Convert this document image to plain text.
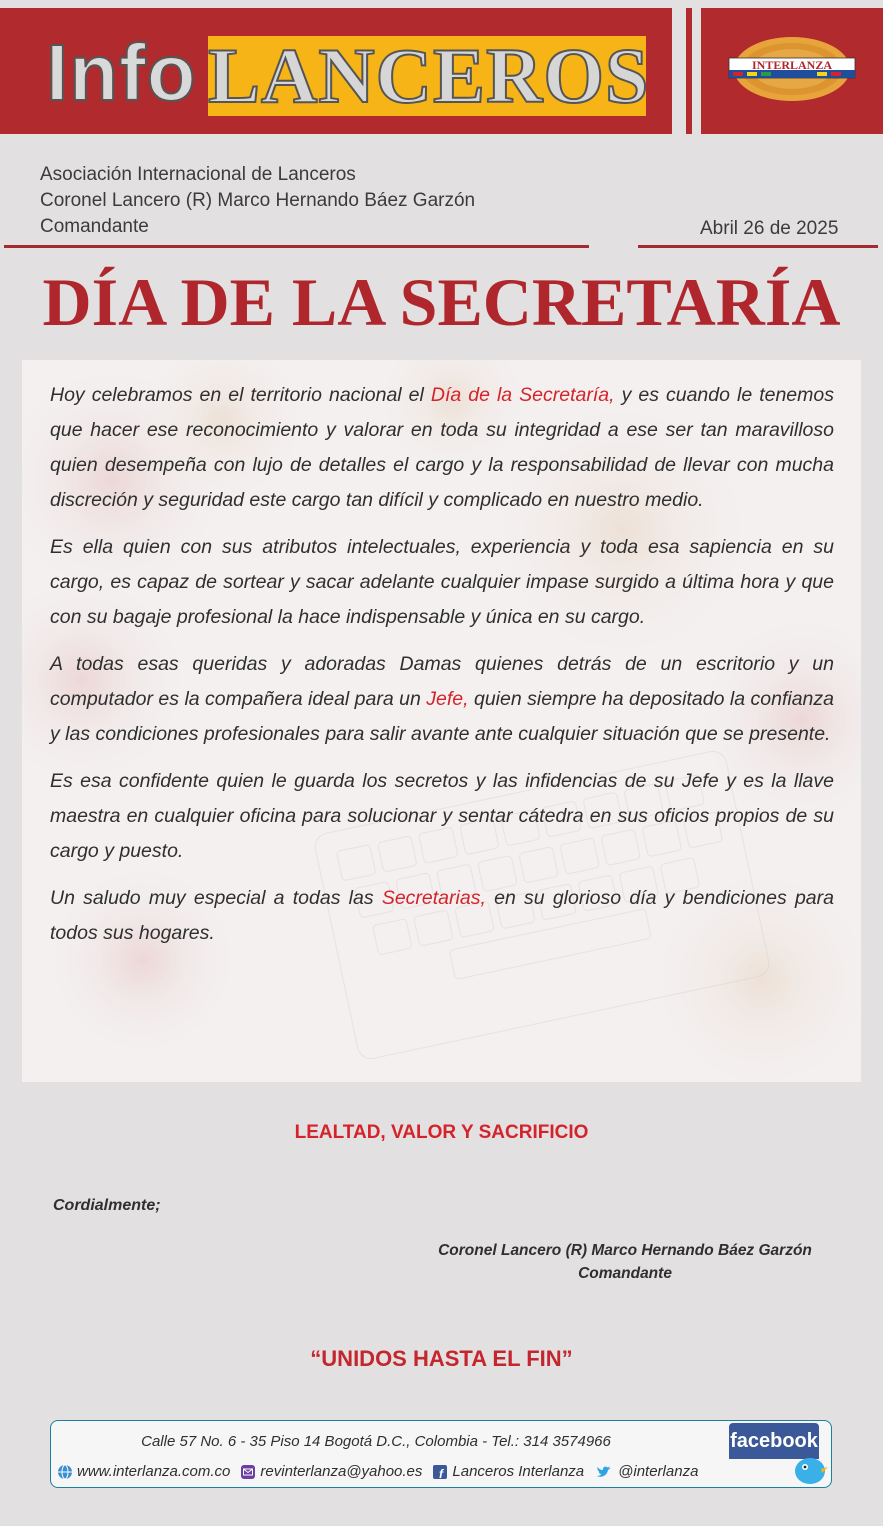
Info LANCEROS	INTERLANZA
Asociación Internacional de Lanceros
Coronel Lancero (R) Marco Hernando Báez Garzón
Comandante	Abril 26 de 2025
DÍA DE LA SECRETARÍA

Hoy celebramos en el territorio nacional el Día de la Secretaría, y es cuando le tenemos que hacer ese reconocimiento y valorar en toda su integridad a ese ser tan maravilloso quien desempeña con lujo de detalles el cargo y la responsabilidad de llevar con mucha discreción y seguridad este cargo tan difícil y complicado en nuestro medio.

Es ella quien con sus atributos intelectuales, experiencia y toda esa sapiencia en su cargo, es capaz de sortear y sacar adelante cualquier impase surgido a última hora y que con su bagaje profesional la hace indispensable y única en su cargo.

A todas esas queridas y adoradas Damas quienes detrás de un escritorio y un computador es la compañera ideal para un Jefe, quien siempre ha depositado la confianza y las condiciones profesionales para salir avante ante cualquier situación que se presente.

Es esa confidente quien le guarda los secretos y las infidencias de su Jefe y es la llave maestra en cualquier oficina para solucionar y sentar cátedra en sus oficios propios de su cargo y puesto.

Un saludo muy especial a todas las Secretarias, en su glorioso día y bendiciones para todos sus hogares.

LEALTAD, VALOR Y SACRIFICIO
Cordialmente;
Coronel Lancero (R) Marco Hernando Báez Garzón
Comandante
“UNIDOS HASTA EL FIN”
Calle 57 No. 6 - 35 Piso 14 Bogotá D.C., Colombia - Tel.: 314 3574966
www.interlanza.com.co revinterlanza@yahoo.es f Lanceros Interlanza @interlanza
facebook
